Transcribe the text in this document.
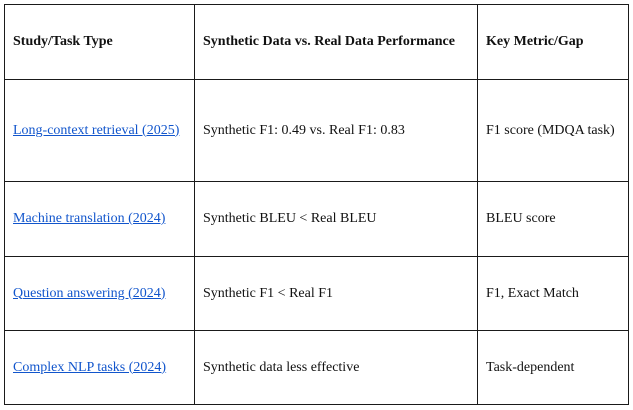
Study/Task Type	Synthetic Data vs. Real Data Performance	Key Metric/Gap
Long-context retrieval (2025)	Synthetic F1: 0.49 vs. Real F1: 0.83	F1 score (MDQA task)
Machine translation (2024)	Synthetic BLEU < Real BLEU	BLEU score
Question answering (2024)	Synthetic F1 < Real F1	F1, Exact Match
Complex NLP tasks (2024)	Synthetic data less effective	Task-dependent
